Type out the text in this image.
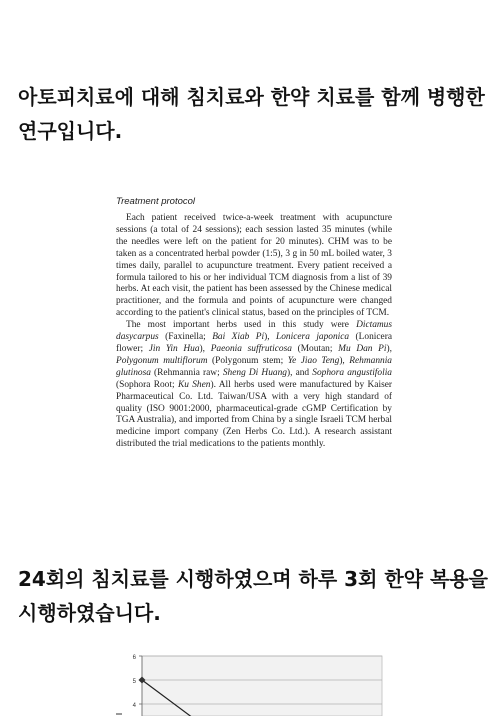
아토피치료에 대해 침치료와 한약 치료를 함께 병행한 연구입니다.
Treatment protocol

Each patient received twice-a-week treatment with acupuncture sessions (a total of 24 sessions); each session lasted 35 minutes (while the needles were left on the patient for 20 minutes). CHM was to be taken as a concentrated herbal powder (1:5), 3 g in 50 mL boiled water, 3 times daily, parallel to acupuncture treatment. Every patient received a formula tailored to his or her individual TCM diagnosis from a list of 39 herbs. At each visit, the patient has been assessed by the Chinese medical practitioner, and the formula and points of acupuncture were changed according to the patient's clinical status, based on the principles of TCM.

The most important herbs used in this study were Dictamus dasycarpus (Faxinella; Bai Xiab Pi), Lonicera japonica (Lonicera flower; Jin Yin Hua), Paeonia suffruticosa (Moutan; Mu Dan Pi), Polygonum multiflorum (Polygonum stem; Ye Jiao Teng), Rehmannia glutinosa (Rehmannia raw; Sheng Di Huang), and Sophora angustifolia (Sophora Root; Ku Shen). All herbs used were manufactured by Kaiser Pharmaceutical Co. Ltd. Taiwan/USA with a very high standard of quality (ISO 9001:2000, pharmaceutical-grade cGMP Certification by TGA Australia), and imported from China by a single Israeli TCM herbal medicine import company (Zen Herbs Co. Ltd.). A research assistant distributed the trial medications to the patients monthly.

24회의 침치료를 시행하였으며 하루 3회 한약 복용을 시행하였습니다.
6
5
4
